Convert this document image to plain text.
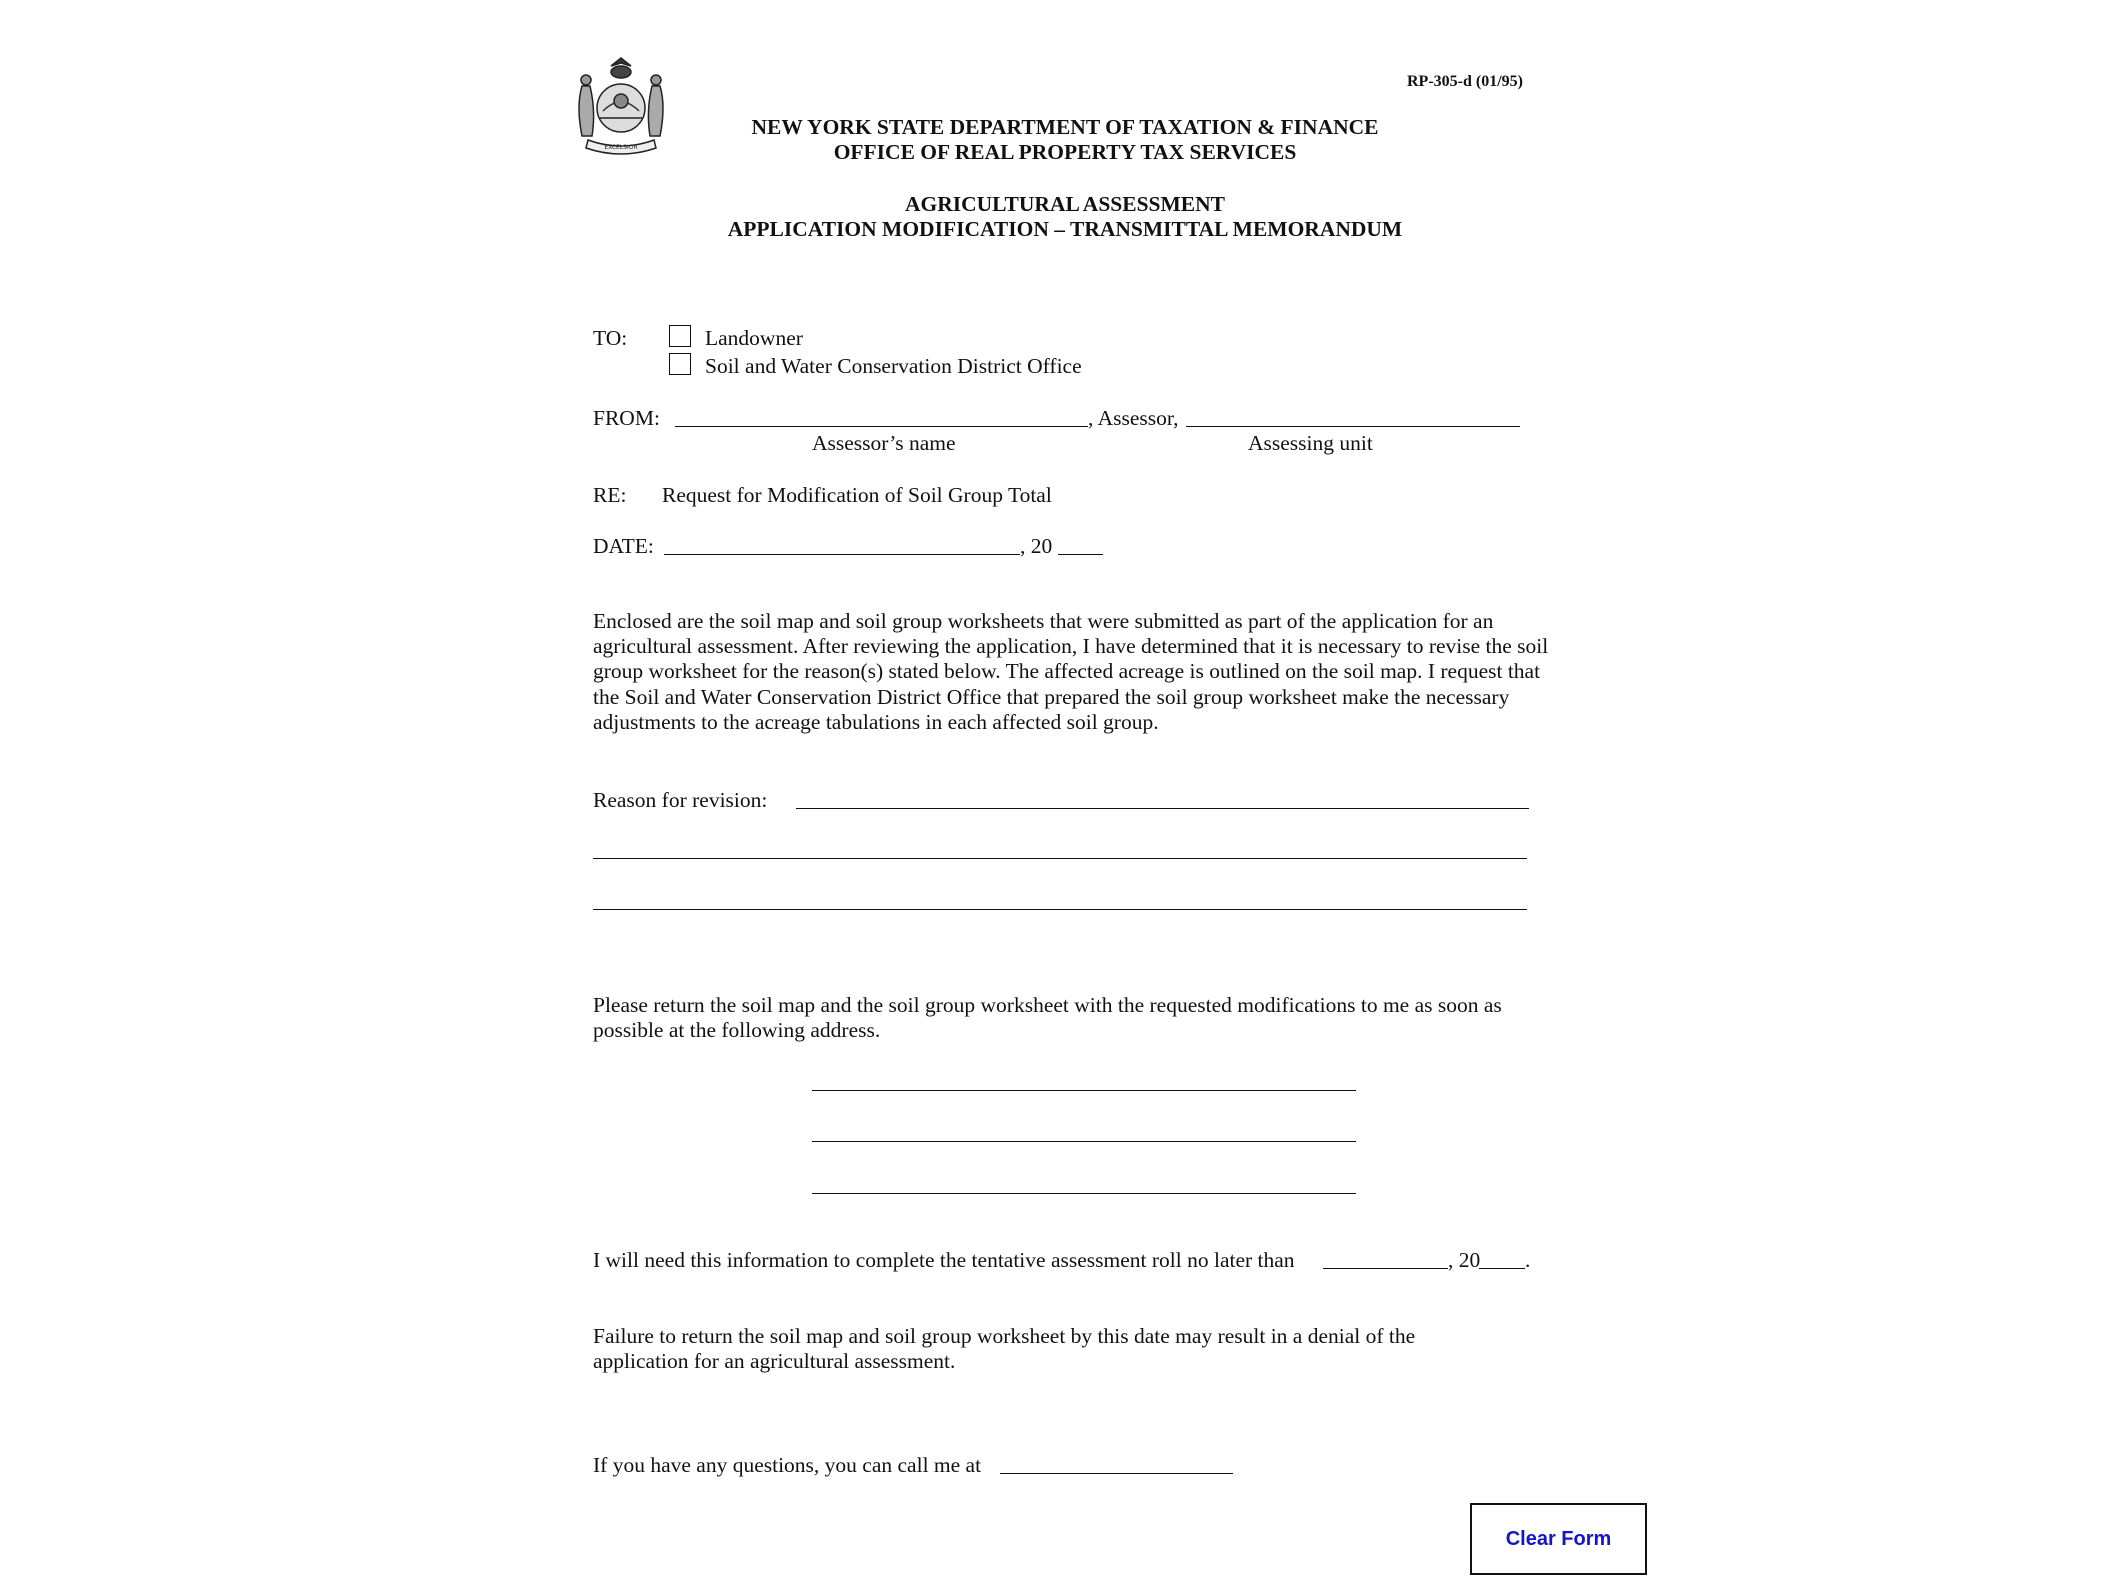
EXCELSIOR
RP-305-d (01/95)
NEW YORK STATE DEPARTMENT OF TAXATION & FINANCE
OFFICE OF REAL PROPERTY TAX SERVICES
AGRICULTURAL ASSESSMENT
APPLICATION MODIFICATION – TRANSMITTAL MEMORANDUM
TO:	Landowner
Soil and Water Conservation District Office
FROM:	, Assessor,
Assessor’s name	Assessing unit
RE: Request for Modification of Soil Group Total
DATE:	, 20
Enclosed are the soil map and soil group worksheets that were submitted as part of the application for an agricultural assessment. After reviewing the application, I have determined that it is necessary to revise the soil group worksheet for the reason(s) stated below. The affected acreage is outlined on the soil map. I request that the Soil and Water Conservation District Office that prepared the soil group worksheet make the necessary adjustments to the acreage tabulations in each affected soil group.
Reason for revision:
Please return the soil map and the soil group worksheet with the requested modifications to me as soon as possible at the following address.
I will need this information to complete the tentative assessment roll no later than	, 20 .
Failure to return the soil map and soil group worksheet by this date may result in a denial of the application for an agricultural assessment.
If you have any questions, you can call me at
Clear Form
